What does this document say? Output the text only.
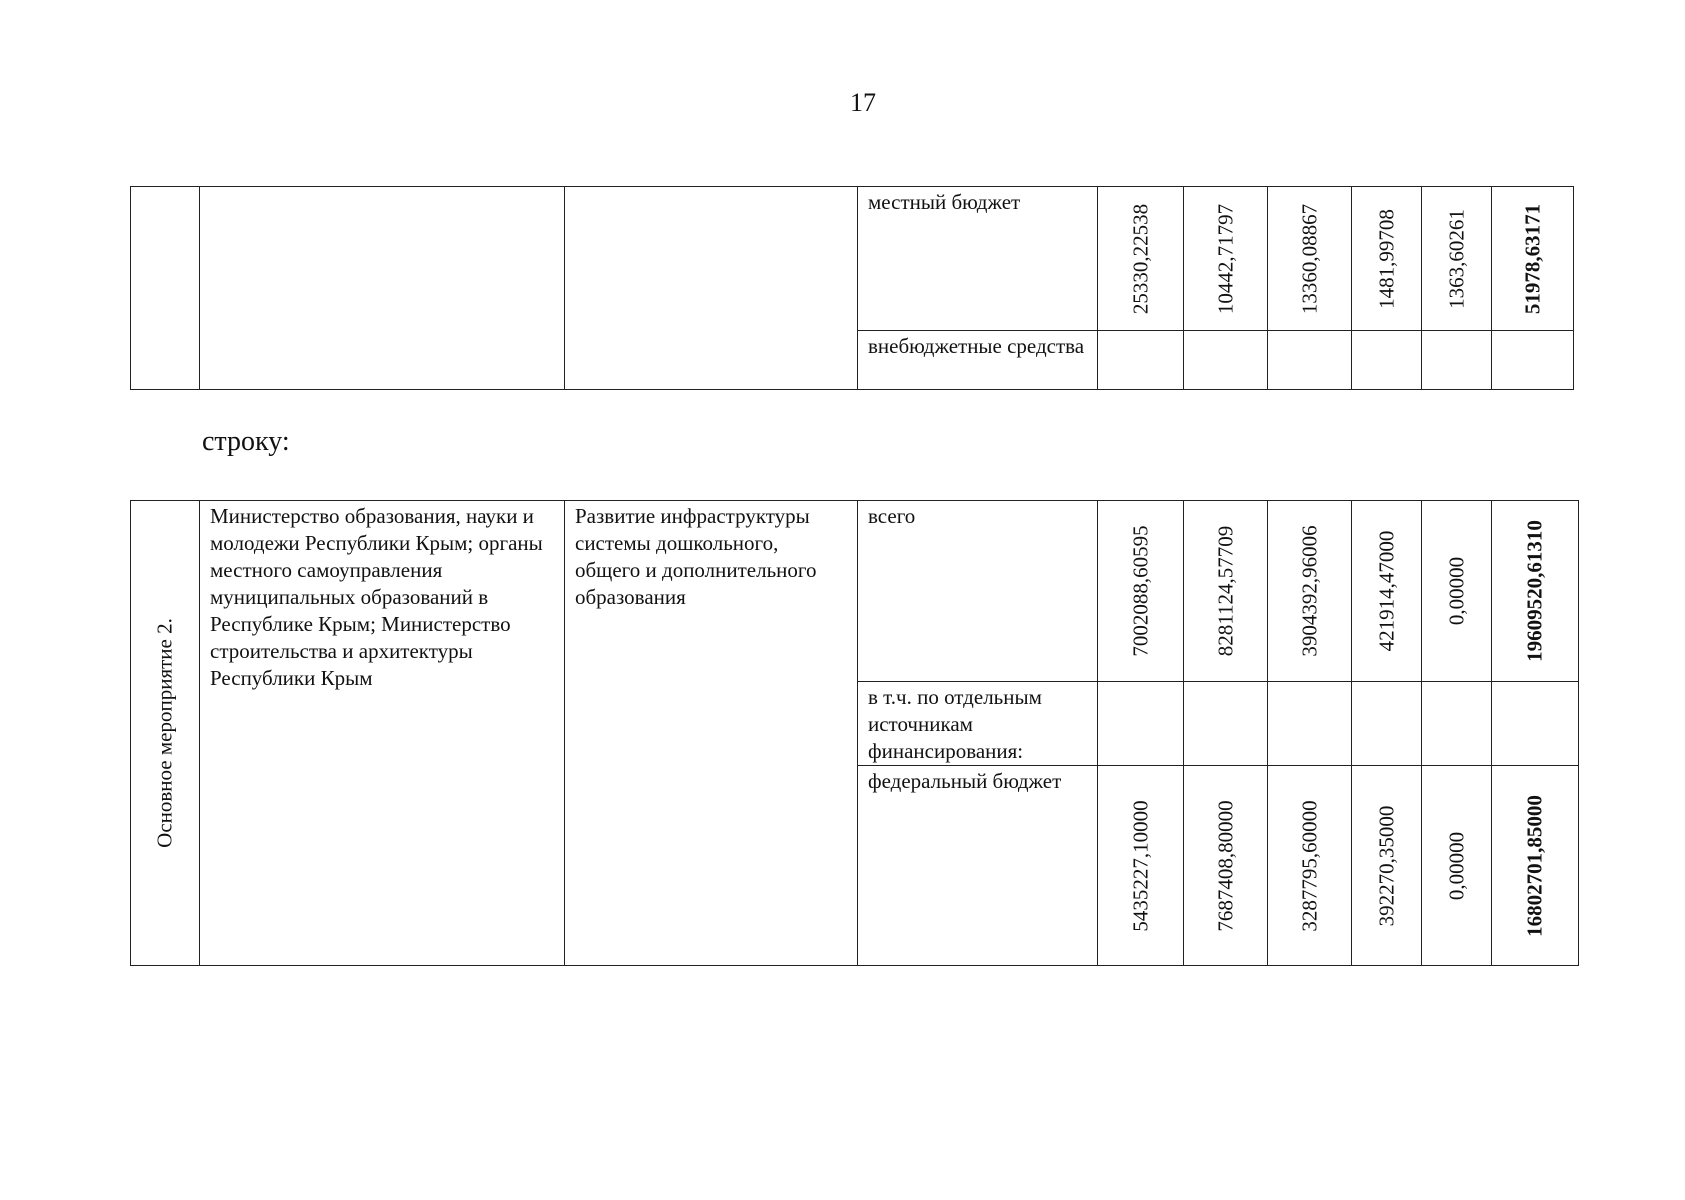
17
			местный бюджет	25330,22538	10442,71797	13360,08867	1481,99708	1363,60261	51978,63171

			внебюджетные средства	

строку:
Основное мероприятие 2.	Министерство образования, науки и молодежи Республики Крым; органы местного самоуправления муниципальных образований в Республике Крым; Министерство строительства и архитектуры Республики Крым	Развитие инфраструктуры системы дошкольного, общего и дополнительного образования	всего	7002088,60595	8281124,57709	3904392,96006	421914,47000	0,00000	19609520,61310

			в т.ч. по отдельным источникам финансирования:	

			федеральный бюджет	5435227,10000	7687408,80000	3287795,60000	392270,35000	0,00000	16802701,85000
